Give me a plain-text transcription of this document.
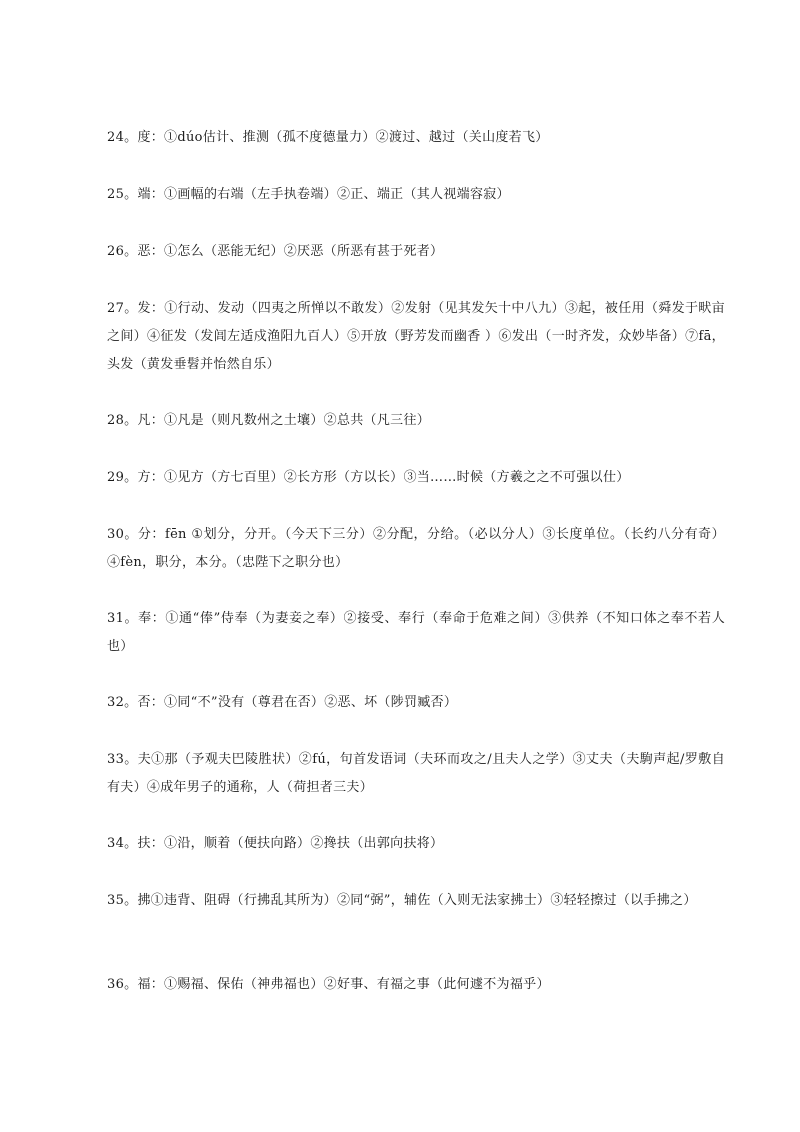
24。度：①dúo估计、推测（孤不度德量力）②渡过、越过（关山度若飞）

25。端：①画幅的右端（左手执卷端）②正、端正（其人视端容寂）

26。恶：①怎么（恶能无纪）②厌恶（所恶有甚于死者）

27。发：①行动、发动（四夷之所惮以不敢发）②发射（见其发矢十中八九）③起，被任用（舜发于畎亩之间）④征发（发闾左适戍渔阳九百人）⑤开放（野芳发而幽香 ）⑥发出（一时齐发，众妙毕备）⑦fā，头发（黄发垂髫并怡然自乐）

28。凡：①凡是（则凡数州之土壤）②总共（凡三往）

29。方：①见方（方七百里）②长方形（方以长）③当……时候（方羲之之不可强以仕）

30。分：fēn ①划分，分开。（今天下三分）②分配，分给。（必以分人）③长度单位。（长约八分有奇）④fèn，职分，本分。（忠陛下之职分也）

31。奉：①通“俸”侍奉（为妻妾之奉）②接受、奉行（奉命于危难之间）③供养（不知口体之奉不若人也）

32。否：①同“不”没有（尊君在否）②恶、坏（陟罚臧否）

33。夫①那（予观夫巴陵胜状）②fú，句首发语词（夫环而攻之/且夫人之学）③丈夫（夫駒声起/罗敷自有夫）④成年男子的通称，人（荷担者三夫）

34。扶：①沿，顺着（便扶向路）②搀扶（出郭向扶将）

35。拂①违背、阻碍（行拂乱其所为）②同“弼”，辅佐（入则无法家拂士）③轻轻擦过（以手拂之）

36。福：①赐福、保佑（神弗福也）②好事、有福之事（此何遽不为福乎）
